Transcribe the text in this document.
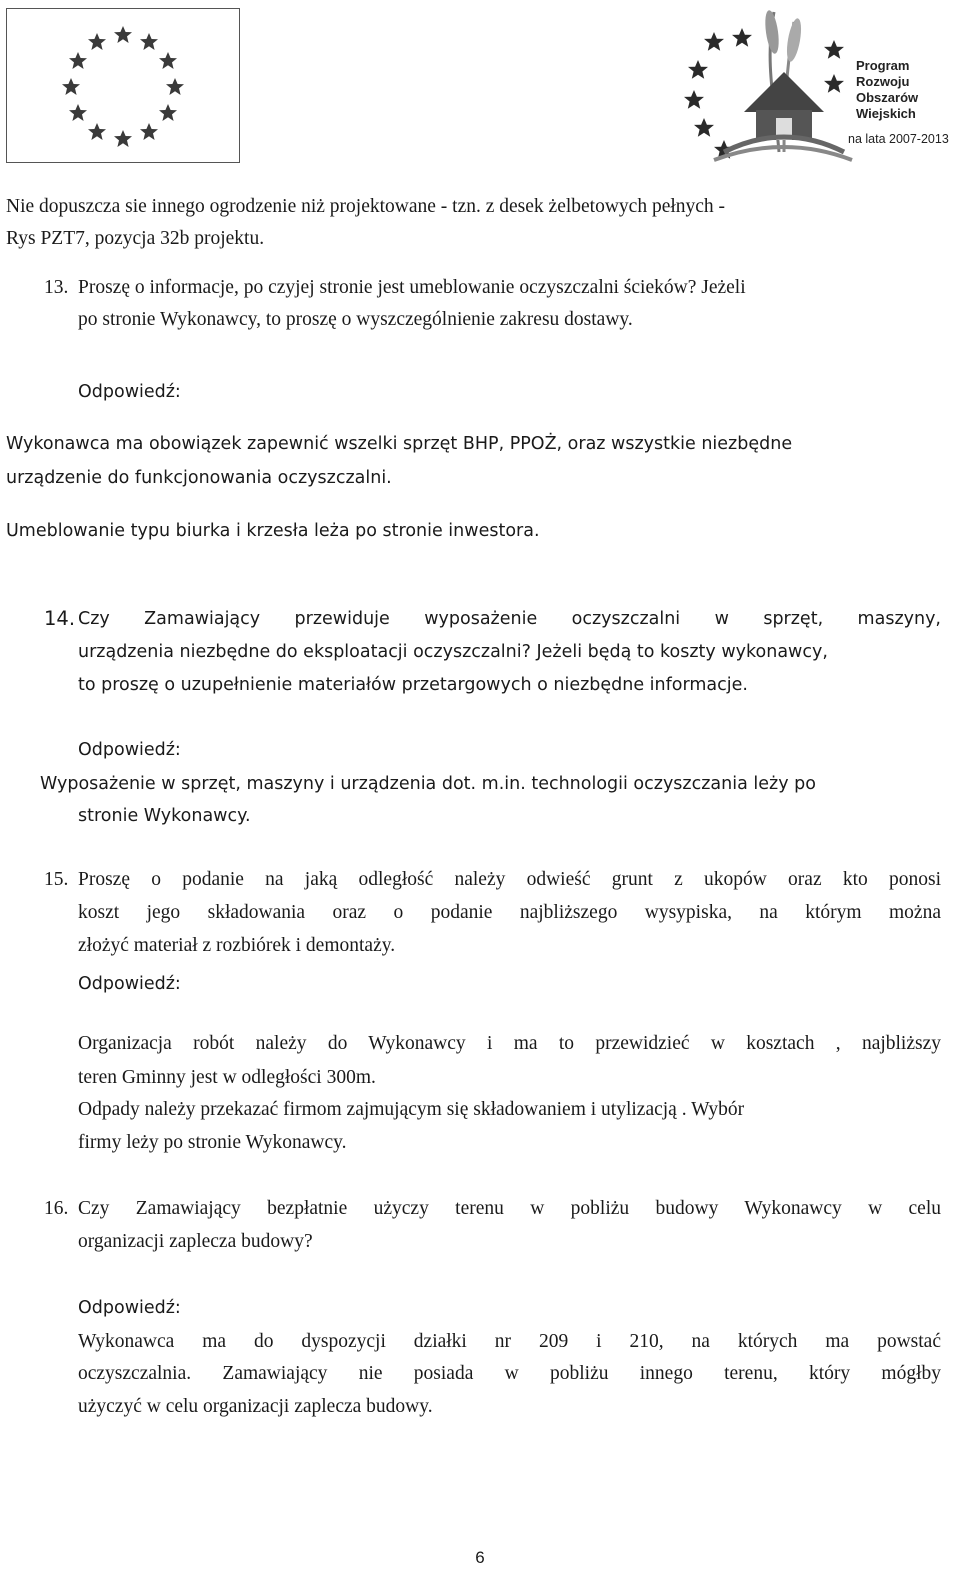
Program
Rozwoju
Obszarów
Wiejskich
na lata 2007-2013

Nie dopuszcza sie innego ogrodzenie niż projektowane - tzn. z desek żelbetowych pełnych -

Rys PZT7, pozycja 32b projektu.

13. Proszę o informacje, po czyjej stronie jest umeblowanie oczyszczalni ścieków? Jeżeli

po stronie Wykonawcy, to proszę o wyszczególnienie zakresu dostawy.

Odpowiedź:

Wykonawca ma obowiązek zapewnić wszelki sprzęt BHP, PPOŻ, oraz wszystkie niezbędne

urządzenie do funkcjonowania oczyszczalni.

Umeblowanie typu biurka i krzesła leża po stronie inwestora.

14. Czy Zamawiający przewiduje wyposażenie oczyszczalni w sprzęt, maszyny,

urządzenia niezbędne do eksploatacji oczyszczalni? Jeżeli będą to koszty wykonawcy,

to proszę o uzupełnienie materiałów przetargowych o niezbędne informacje.

Odpowiedź:

Wyposażenie w sprzęt, maszyny i urządzenia dot. m.in. technologii oczyszczania leży po

stronie Wykonawcy.

15. Proszę o podanie na jaką odległość należy odwieść grunt z ukopów oraz kto ponosi

koszt jego składowania oraz o podanie najbliższego wysypiska, na którym można

złożyć materiał z rozbiórek i demontaży.

Odpowiedź:

Organizacja robót należy do Wykonawcy i ma to przewidzieć w kosztach , najbliższy

teren Gminny jest w odległości 300m.

Odpady należy przekazać firmom zajmującym się składowaniem i utylizacją . Wybór

firmy leży po stronie Wykonawcy.

16. Czy Zamawiający bezpłatnie użyczy terenu w pobliżu budowy Wykonawcy w celu

organizacji zaplecza budowy?

Odpowiedź:

Wykonawca ma do dyspozycji działki nr 209 i 210, na których ma powstać

oczyszczalnia. Zamawiający nie posiada w pobliżu innego terenu, który mógłby

użyczyć w celu organizacji zaplecza budowy.

6
